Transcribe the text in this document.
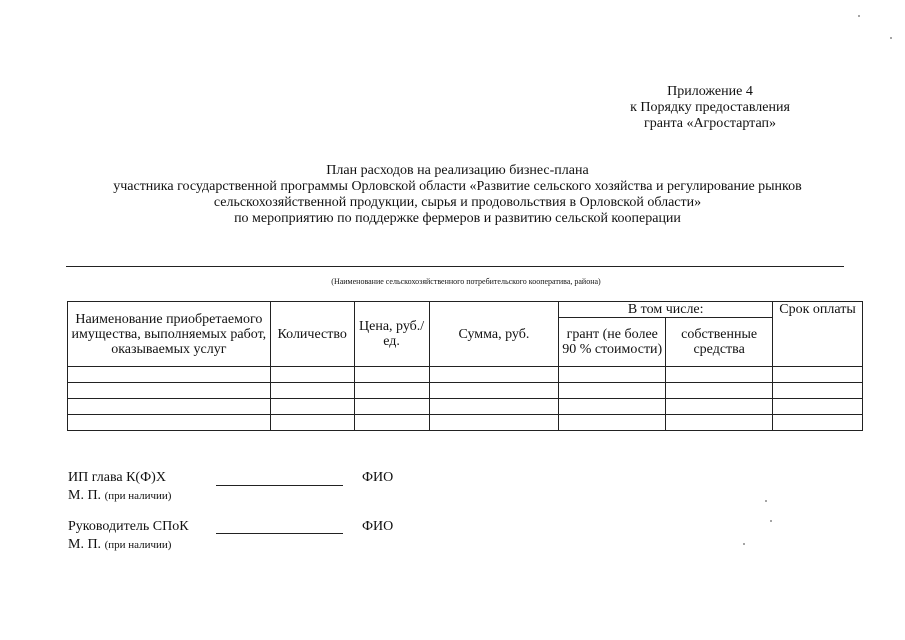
Приложение 4
к Порядку предоставления
гранта «Агростартап»
План расходов на реализацию бизнес-плана
участника государственной программы Орловской области «Развитие сельского хозяйства и регулирование рынков
сельскохозяйственной продукции, сырья и продовольствия в Орловской области»
по мероприятию по поддержке фермеров и развитию сельской кооперации
(Наименование сельскохозяйственного потребительского кооператива, района)
Наименование приобретаемого имущества, выполняемых работ, оказываемых услуг	Количество	Цена, руб./ед.	Сумма, руб.	В том числе:		Срок оплаты
				грант (не более 90 % стоимости)	собственные средства	

ИП глава К(Ф)Х	ФИО
М. П. (при наличии)
Руководитель СПоК	ФИО
М. П. (при наличии)
